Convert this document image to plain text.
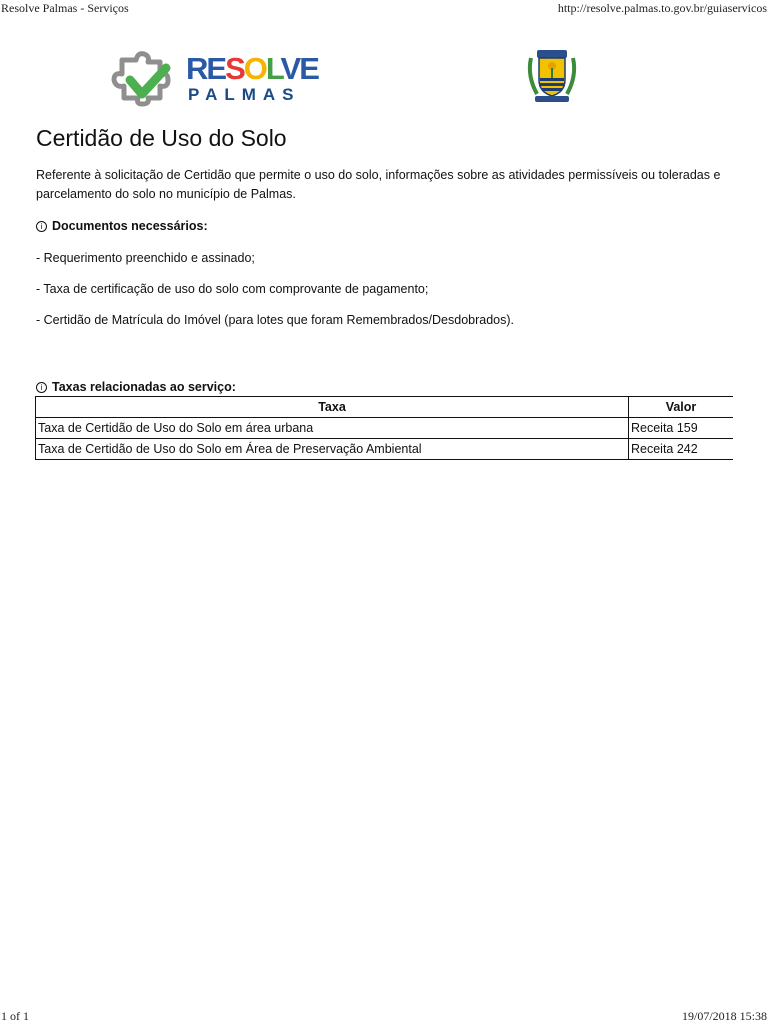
Resolve Palmas - Serviços	http://resolve.palmas.to.gov.br/guiaservicos
RESOLVE
PALMAS
Certidão de Uso do Solo

Referente à solicitação de Certidão que permite o uso do solo, informações sobre as atividades permissíveis ou toleradas e parcelamento do solo no município de Palmas.

i Documentos necessários:

- Requerimento preenchido e assinado;

- Taxa de certificação de uso do solo com comprovante de pagamento;

- Certidão de Matrícula do Imóvel (para lotes que foram Remembrados/Desdobrados).

i Taxas relacionadas ao serviço:

Taxa	Valor
Taxa de Certidão de Uso do Solo em área urbana	Receita 159
Taxa de Certidão de Uso do Solo em Área de Preservação Ambiental	Receita 242
1 of 1	19/07/2018 15:38
